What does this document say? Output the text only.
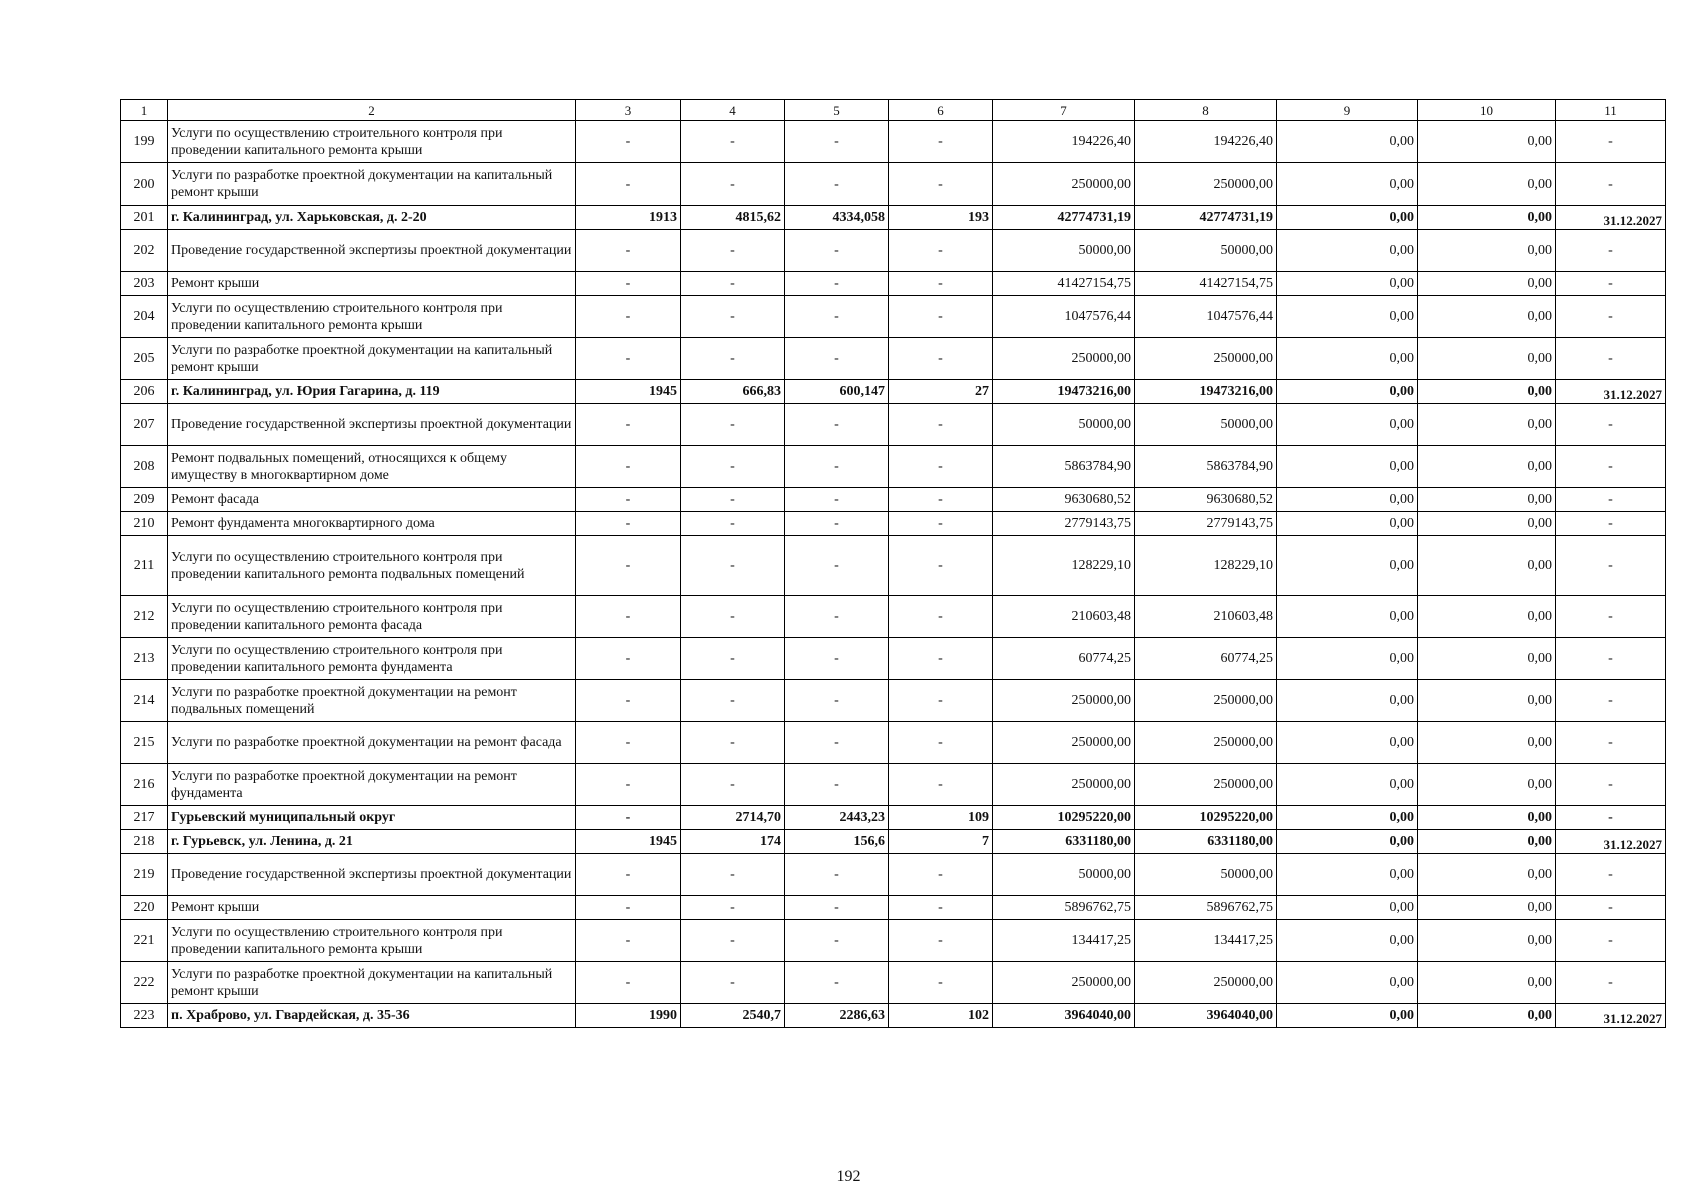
1	2	3	4	5	6	7	8	9	10	11
199	Услуги по осуществлению строительного контроля при проведении капитального ремонта крыши	-	-	-	-	194226,40	194226,40	0,00	0,00	-
200	Услуги по разработке проектной документации на капитальный ремонт крыши	-	-	-	-	250000,00	250000,00	0,00	0,00	-
201	г. Калининград, ул. Харьковская, д. 2-20	1913	4815,62	4334,058	193	42774731,19	42774731,19	0,00	0,00	31.12.2027
202	Проведение государственной экспертизы проектной документации	-	-	-	-	50000,00	50000,00	0,00	0,00	-
203	Ремонт крыши	-	-	-	-	41427154,75	41427154,75	0,00	0,00	-
204	Услуги по осуществлению строительного контроля при проведении капитального ремонта крыши	-	-	-	-	1047576,44	1047576,44	0,00	0,00	-
205	Услуги по разработке проектной документации на капитальный ремонт крыши	-	-	-	-	250000,00	250000,00	0,00	0,00	-
206	г. Калининград, ул. Юрия Гагарина, д. 119	1945	666,83	600,147	27	19473216,00	19473216,00	0,00	0,00	31.12.2027
207	Проведение государственной экспертизы проектной документации	-	-	-	-	50000,00	50000,00	0,00	0,00	-
208	Ремонт подвальных помещений, относящихся к общему имуществу в многоквартирном доме	-	-	-	-	5863784,90	5863784,90	0,00	0,00	-
209	Ремонт фасада	-	-	-	-	9630680,52	9630680,52	0,00	0,00	-
210	Ремонт фундамента многоквартирного дома	-	-	-	-	2779143,75	2779143,75	0,00	0,00	-
211	Услуги по осуществлению строительного контроля при проведении капитального ремонта подвальных помещений	-	-	-	-	128229,10	128229,10	0,00	0,00	-
212	Услуги по осуществлению строительного контроля при проведении капитального ремонта фасада	-	-	-	-	210603,48	210603,48	0,00	0,00	-
213	Услуги по осуществлению строительного контроля при проведении капитального ремонта фундамента	-	-	-	-	60774,25	60774,25	0,00	0,00	-
214	Услуги по разработке проектной документации на ремонт подвальных помещений	-	-	-	-	250000,00	250000,00	0,00	0,00	-
215	Услуги по разработке проектной документации на ремонт фасада	-	-	-	-	250000,00	250000,00	0,00	0,00	-
216	Услуги по разработке проектной документации на ремонт фундамента	-	-	-	-	250000,00	250000,00	0,00	0,00	-
217	Гурьевский муниципальный округ	-	2714,70	2443,23	109	10295220,00	10295220,00	0,00	0,00	-
218	г. Гурьевск, ул. Ленина, д. 21	1945	174	156,6	7	6331180,00	6331180,00	0,00	0,00	31.12.2027
219	Проведение государственной экспертизы проектной документации	-	-	-	-	50000,00	50000,00	0,00	0,00	-
220	Ремонт крыши	-	-	-	-	5896762,75	5896762,75	0,00	0,00	-
221	Услуги по осуществлению строительного контроля при проведении капитального ремонта крыши	-	-	-	-	134417,25	134417,25	0,00	0,00	-
222	Услуги по разработке проектной документации на капитальный ремонт крыши	-	-	-	-	250000,00	250000,00	0,00	0,00	-
223	п. Храброво, ул. Гвардейская, д. 35-36	1990	2540,7	2286,63	102	3964040,00	3964040,00	0,00	0,00	31.12.2027
192
